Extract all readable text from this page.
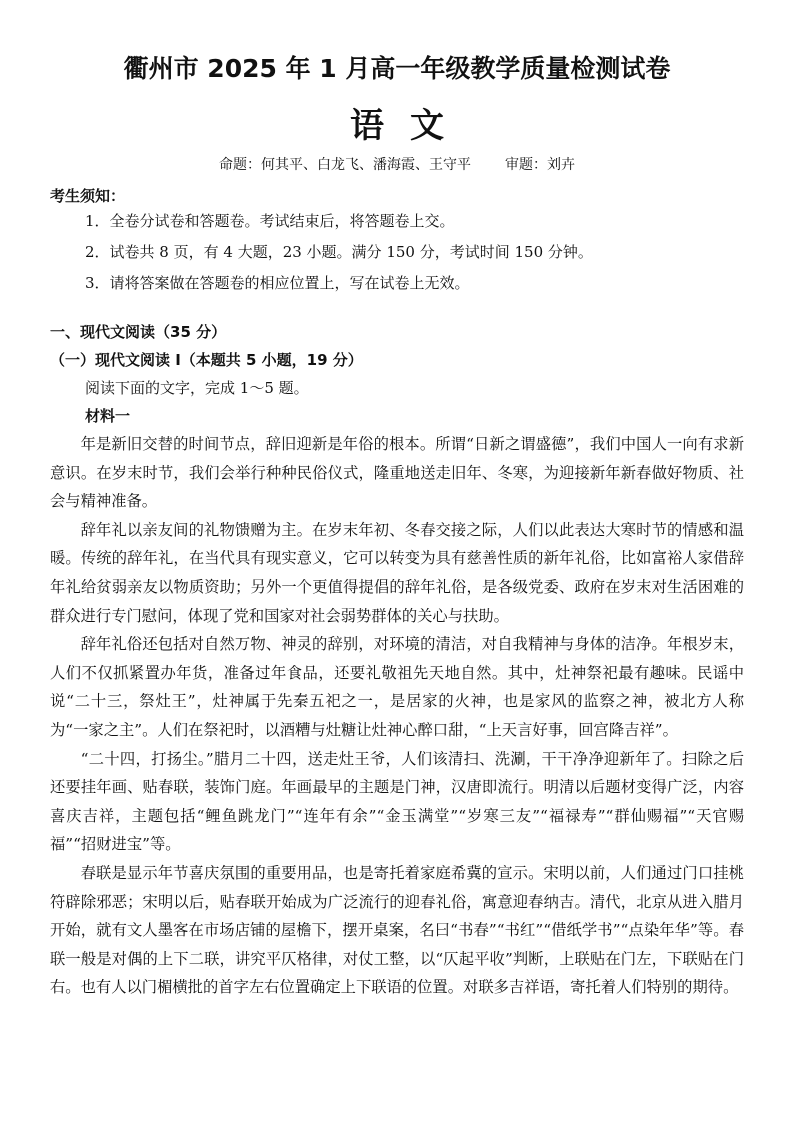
衢州市 2025 年 1 月高一年级教学质量检测试卷
语文
命题：何其平、白龙飞、潘海霞、王守平 审题：刘卉
考生须知：
1．全卷分试卷和答题卷。考试结束后，将答题卷上交。
2．试卷共 8 页，有 4 大题，23 小题。满分 150 分，考试时间 150 分钟。
3．请将答案做在答题卷的相应位置上，写在试卷上无效。
一、现代文阅读（35 分）
（一）现代文阅读 I（本题共 5 小题，19 分）
阅读下面的文字，完成 1～5 题。
材料一

年是新旧交替的时间节点，辞旧迎新是年俗的根本。所谓“日新之谓盛德”，我们中国人一向有求新意识。在岁末时节，我们会举行种种民俗仪式，隆重地送走旧年、冬寒，为迎接新年新春做好物质、社会与精神准备。

辞年礼以亲友间的礼物馈赠为主。在岁末年初、冬春交接之际，人们以此表达大寒时节的情感和温暖。传统的辞年礼，在当代具有现实意义，它可以转变为具有慈善性质的新年礼俗，比如富裕人家借辞年礼给贫弱亲友以物质资助；另外一个更值得提倡的辞年礼俗，是各级党委、政府在岁末对生活困难的群众进行专门慰问，体现了党和国家对社会弱势群体的关心与扶助。

辞年礼俗还包括对自然万物、神灵的辞别，对环境的清洁，对自我精神与身体的洁净。年根岁末，人们不仅抓紧置办年货，准备过年食品，还要礼敬祖先天地自然。其中，灶神祭祀最有趣味。民谣中说“二十三，祭灶王”，灶神属于先秦五祀之一，是居家的火神，也是家风的监察之神，被北方人称为“一家之主”。人们在祭祀时，以酒糟与灶糖让灶神心醉口甜，“上天言好事，回宫降吉祥”。

“二十四，打扬尘。”腊月二十四，送走灶王爷，人们该清扫、洗涮，干干净净迎新年了。扫除之后还要挂年画、贴春联，装饰门庭。年画最早的主题是门神，汉唐即流行。明清以后题材变得广泛，内容喜庆吉祥，主题包括“鲤鱼跳龙门”“连年有余”“金玉满堂”“岁寒三友”“福禄寿”“群仙赐福”“天官赐福”“招财进宝”等。

春联是显示年节喜庆氛围的重要用品，也是寄托着家庭希冀的宣示。宋明以前，人们通过门口挂桃符辟除邪恶；宋明以后，贴春联开始成为广泛流行的迎春礼俗，寓意迎春纳吉。清代，北京从进入腊月开始，就有文人墨客在市场店铺的屋檐下，摆开桌案，名曰“书春”“书红”“借纸学书”“点染年华”等。春联一般是对偶的上下二联，讲究平仄格律，对仗工整，以“仄起平收”判断，上联贴在门左，下联贴在门右。也有人以门楣横批的首字左右位置确定上下联语的位置。对联多吉祥语，寄托着人们特别的期待。
